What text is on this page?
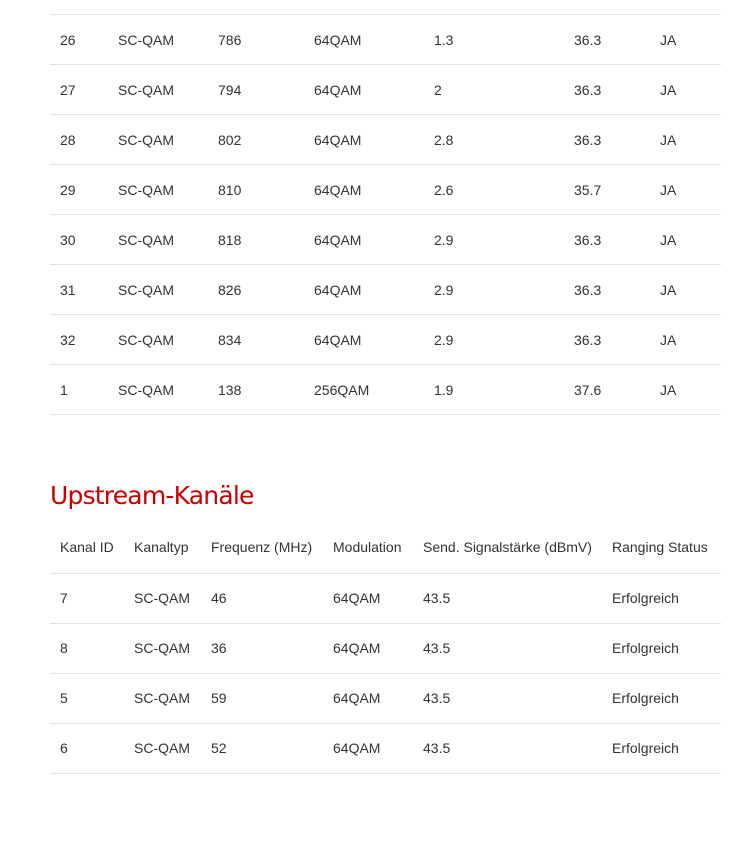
26	SC-QAM	786	64QAM	1.3	36.3	JA
27	SC-QAM	794	64QAM	2	36.3	JA
28	SC-QAM	802	64QAM	2.8	36.3	JA
29	SC-QAM	810	64QAM	2.6	35.7	JA
30	SC-QAM	818	64QAM	2.9	36.3	JA
31	SC-QAM	826	64QAM	2.9	36.3	JA
32	SC-QAM	834	64QAM	2.9	36.3	JA
1	SC-QAM	138	256QAM	1.9	37.6	JA
Upstream-Kanäle
Kanal ID	Kanaltyp	Frequenz (MHz)	Modulation	Send. Signalstärke (dBmV)	Ranging Status
7	SC-QAM	46	64QAM	43.5	Erfolgreich
8	SC-QAM	36	64QAM	43.5	Erfolgreich
5	SC-QAM	59	64QAM	43.5	Erfolgreich
6	SC-QAM	52	64QAM	43.5	Erfolgreich
